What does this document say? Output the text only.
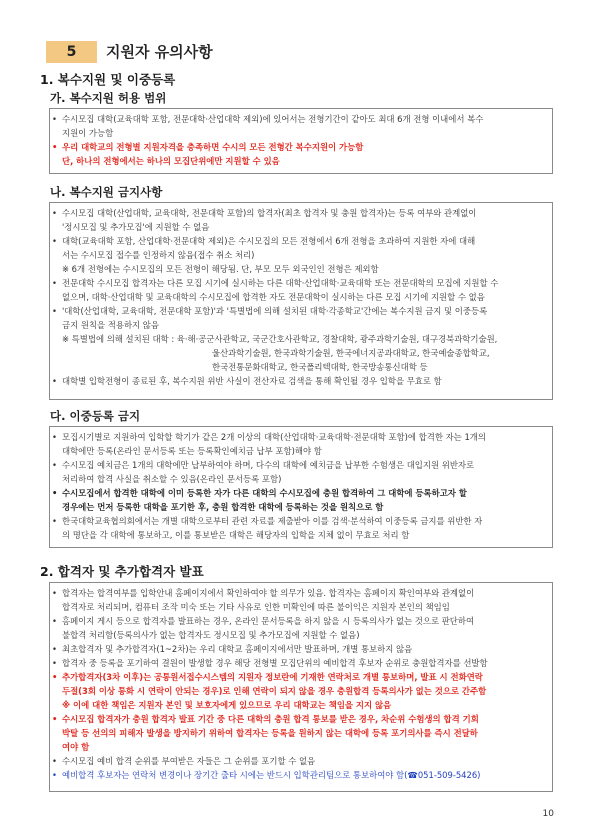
5	지원자 유의사항
1. 복수지원 및 이중등록
가. 복수지원 허용 범위
• 수시모집 대학(교육대학 포함, 전문대학·산업대학 제외)에 있어서는 전형기간이 같아도 최대 6개 전형 이내에서 복수
지원이 가능함
• 우리 대학교의 전형별 지원자격을 충족하면 수시의 모든 전형간 복수지원이 가능함
단, 하나의 전형에서는 하나의 모집단위에만 지원할 수 있음
나. 복수지원 금지사항
• 수시모집 대학(산업대학, 교육대학, 전문대학 포함)의 합격자(최초 합격자 및 충원 합격자)는 등록 여부와 관계없이
'정시모집 및 추가모집'에 지원할 수 없음
• 대학(교육대학 포함, 산업대학·전문대학 제외)은 수시모집의 모든 전형에서 6개 전형을 초과하여 지원한 자에 대해
서는 수시모집 접수를 인정하지 않음(접수 취소 처리)
※ 6개 전형에는 수시모집의 모든 전형이 해당됨. 단, 부모 모두 외국인인 전형은 제외함
• 전문대학 수시모집 합격자는 다른 모집 시기에 실시하는 다른 대학·산업대학·교육대학 또는 전문대학의 모집에 지원할 수
없으며, 대학·산업대학 및 교육대학의 수시모집에 합격한 자도 전문대학이 실시하는 다른 모집 시기에 지원할 수 없음
• '대학(산업대학, 교육대학, 전문대학 포함)'과 '특별법에 의해 설치된 대학·각종학교'간에는 복수지원 금지 및 이중등록
금지 원칙을 적용하지 않음
※ 특별법에 의해 설치된 대학 : 육·해·공군사관학교, 국군간호사관학교, 경찰대학, 광주과학기술원, 대구경북과학기술원,
울산과학기술원, 한국과학기술원, 한국에너지공과대학교, 한국예술종합학교,
한국전통문화대학교, 한국폴리텍대학, 한국방송통신대학 등
• 대학별 입학전형이 종료된 후, 복수지원 위반 사실이 전산자료 검색을 통해 확인될 경우 입학을 무효로 함
다. 이중등록 금지
• 모집시기별로 지원하여 입학할 학기가 같은 2개 이상의 대학(산업대학·교육대학·전문대학 포함)에 합격한 자는 1개의
대학에만 등록(온라인 문서등록 또는 등록확인예치금 납부 포함)해야 함
• 수시모집 예치금은 1개의 대학에만 납부하여야 하며, 다수의 대학에 예치금을 납부한 수험생은 대입지원 위반자로
처리하여 합격 사실을 취소할 수 있음(온라인 문서등록 포함)
• 수시모집에서 합격한 대학에 이미 등록한 자가 다른 대학의 수시모집에 충원 합격하여 그 대학에 등록하고자 할
경우에는 먼저 등록한 대학을 포기한 후, 충원 합격한 대학에 등록하는 것을 원칙으로 함
• 한국대학교육협의회에서는 개별 대학으로부터 관련 자료를 제출받아 이를 검색·분석하여 이중등록 금지를 위반한 자
의 명단을 각 대학에 통보하고, 이를 통보받은 대학은 해당자의 입학을 지체 없이 무효로 처리 함
2. 합격자 및 추가합격자 발표
• 합격자는 합격여부를 입학안내 홈페이지에서 확인하여야 할 의무가 있음. 합격자는 홈페이지 확인여부와 관계없이
합격자로 처리되며, 컴퓨터 조작 미숙 또는 기타 사유로 인한 미확인에 따른 불이익은 지원자 본인의 책임임
• 홈페이지 게시 등으로 합격자를 발표하는 경우, 온라인 문서등록을 하지 않을 시 등록의사가 없는 것으로 판단하여
불합격 처리함(등록의사가 없는 합격자도 정시모집 및 추가모집에 지원할 수 없음)
• 최초합격자 및 추가합격자(1~2차)는 우리 대학교 홈페이지에서만 발표하며, 개별 통보하지 않음
• 합격자 중 등록을 포기하여 결원이 발생할 경우 해당 전형별 모집단위의 예비합격 후보자 순위로 충원합격자를 선발함
• 추가합격자(3차 이후)는 공통원서접수시스템의 지원자 정보란에 기재한 연락처로 개별 통보하며, 발표 시 전화연락
두절(3회 이상 통화 시 연락이 안되는 경우)로 인해 연락이 되지 않을 경우 충원합격 등록의사가 없는 것으로 간주함
※ 이에 대한 책임은 지원자 본인 및 보호자에게 있으므로 우리 대학교는 책임을 지지 않음
• 수시모집 합격자가 충원 합격자 발표 기간 중 다른 대학의 충원 합격 통보를 받은 경우, 차순위 수험생의 합격 기회
박탈 등 선의의 피해자 발생을 방지하기 위하여 합격자는 등록을 원하지 않는 대학에 등록 포기의사를 즉시 전달하
여야 함
• 수시모집 예비 합격 순위를 부여받은 자들은 그 순위를 포기할 수 없음
• 예비합격 후보자는 연락처 변경이나 장기간 출타 시에는 반드시 입학관리팀으로 통보하여야 함(☎051-509-5426)
10
